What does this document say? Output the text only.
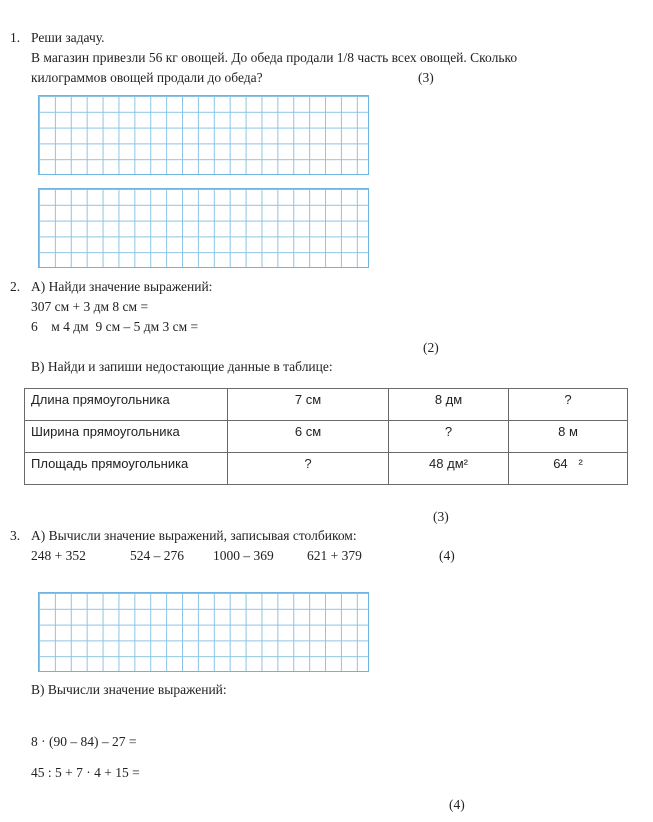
1. Реши задачу.
В магазин привезли 56 кг овощей. До обеда продали 1/8 часть всех овощей. Сколько
килограммов овощей продали до обеда?	(3)
2. А) Найди значение выражений:
307 см + 3 дм 8 см =
6    м 4 дм  9 см – 5 дм 3 см =
(2)
В) Найди и запиши недостающие данные в таблице:
Длина прямоугольника	7 см	8 дм	?
Ширина прямоугольника	6 см	?	8 м
Площадь прямоугольника	?	48 дм²	64   ²
(3)
3. А) Вычисли значение выражений, записывая столбиком:
248 + 352	524 – 276 1000 – 369 621 + 379	(4)
В) Вычисли значение выражений:
8 · (90 – 84) – 27 =
45 : 5 + 7 · 4 + 15 =
(4)
